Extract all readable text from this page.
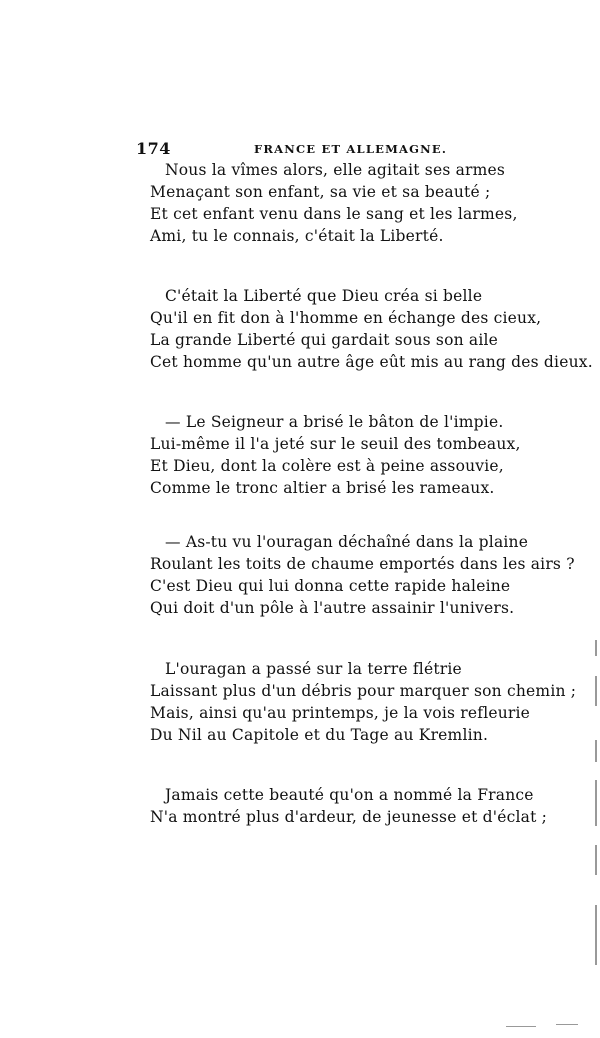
174	FRANCE ET ALLEMAGNE.
Nous la vîmes alors, elle agitait ses armes
Menaçant son enfant, sa vie et sa beauté ;
Et cet enfant venu dans le sang et les larmes,
Ami, tu le connais, c'était la Liberté.
C'était la Liberté que Dieu créa si belle
Qu'il en fit don à l'homme en échange des cieux,
La grande Liberté qui gardait sous son aile
Cet homme qu'un autre âge eût mis au rang des dieux.
— Le Seigneur a brisé le bâton de l'impie.
Lui-même il l'a jeté sur le seuil des tombeaux,
Et Dieu, dont la colère est à peine assouvie,
Comme le tronc altier a brisé les rameaux.
— As-tu vu l'ouragan déchaîné dans la plaine
Roulant les toits de chaume emportés dans les airs ?
C'est Dieu qui lui donna cette rapide haleine
Qui doit d'un pôle à l'autre assainir l'univers.
L'ouragan a passé sur la terre flétrie
Laissant plus d'un débris pour marquer son chemin ;
Mais, ainsi qu'au printemps, je la vois refleurie
Du Nil au Capitole et du Tage au Kremlin.
Jamais cette beauté qu'on a nommé la France
N'a montré plus d'ardeur, de jeunesse et d'éclat ;
